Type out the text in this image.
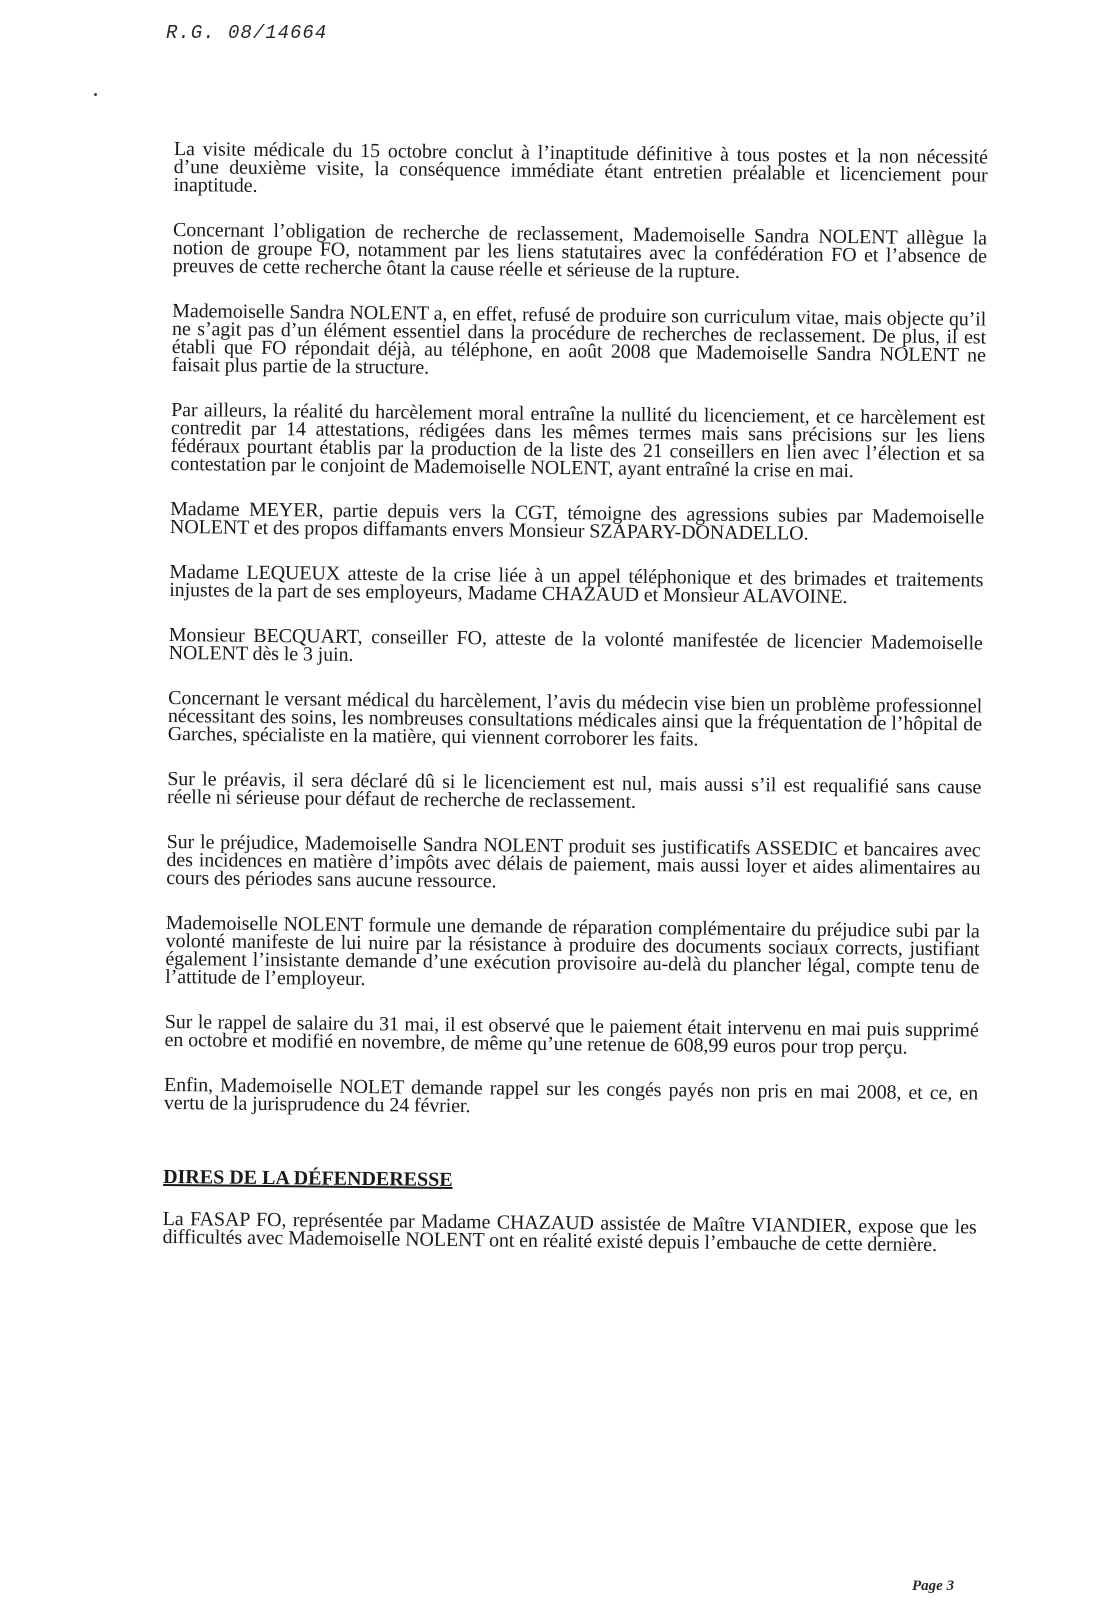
R.G. 08/14664

La visite médicale du 15 octobre conclut à l’inaptitude définitive à tous postes et la non nécessité d’une deuxième visite, la conséquence immédiate étant entretien préalable et licenciement pour inaptitude.

Concernant l’obligation de recherche de reclassement, Mademoiselle Sandra NOLENT allègue la notion de groupe FO, notamment par les liens statutaires avec la confédération FO et l’absence de preuves de cette recherche ôtant la cause réelle et sérieuse de la rupture.

Mademoiselle Sandra NOLENT a, en effet, refusé de produire son curriculum vitae, mais objecte qu’il ne s’agit pas d’un élément essentiel dans la procédure de recherches de reclassement. De plus, il est établi que FO répondait déjà, au téléphone, en août 2008 que Mademoiselle Sandra NOLENT ne faisait plus partie de la structure.

Par ailleurs, la réalité du harcèlement moral entraîne la nullité du licenciement, et ce harcèlement est contredit par 14 attestations, rédigées dans les mêmes termes mais sans précisions sur les liens fédéraux pourtant établis par la production de la liste des 21 conseillers en lien avec l’élection et sa contestation par le conjoint de Mademoiselle NOLENT, ayant entraîné la crise en mai.

Madame MEYER, partie depuis vers la CGT, témoigne des agressions subies par Mademoiselle NOLENT et des propos diffamants envers Monsieur SZAPARY-DONADELLO.

Madame LEQUEUX atteste de la crise liée à un appel téléphonique et des brimades et traitements injustes de la part de ses employeurs, Madame CHAZAUD et Monsieur ALAVOINE.

Monsieur BECQUART, conseiller FO, atteste de la volonté manifestée de licencier Mademoiselle NOLENT dès le 3 juin.

Concernant le versant médical du harcèlement, l’avis du médecin vise bien un problème professionnel nécessitant des soins, les nombreuses consultations médicales ainsi que la fréquentation de l’hôpital de Garches, spécialiste en la matière, qui viennent corroborer les faits.

Sur le préavis, il sera déclaré dû si le licenciement est nul, mais aussi s’il est requalifié sans cause réelle ni sérieuse pour défaut de recherche de reclassement.

Sur le préjudice, Mademoiselle Sandra NOLENT produit ses justificatifs ASSEDIC et bancaires avec des incidences en matière d’impôts avec délais de paiement, mais aussi loyer et aides alimentaires au cours des périodes sans aucune ressource.

Mademoiselle NOLENT formule une demande de réparation complémentaire du préjudice subi par la volonté manifeste de lui nuire par la résistance à produire des documents sociaux corrects, justifiant également l’insistante demande d’une exécution provisoire au-delà du plancher légal, compte tenu de l’attitude de l’employeur.

Sur le rappel de salaire du 31 mai, il est observé que le paiement était intervenu en mai puis supprimé en octobre et modifié en novembre, de même qu’une retenue de 608,99 euros pour trop perçu.

Enfin, Mademoiselle NOLET demande rappel sur les congés payés non pris en mai 2008, et ce, en vertu de la jurisprudence du 24 février.

DIRES DE LA DÉFENDERESSE

La FASAP FO, représentée par Madame CHAZAUD assistée de Maître VIANDIER, expose que les difficultés avec Mademoiselle NOLENT ont en réalité existé depuis l’embauche de cette dernière.

Page 3
